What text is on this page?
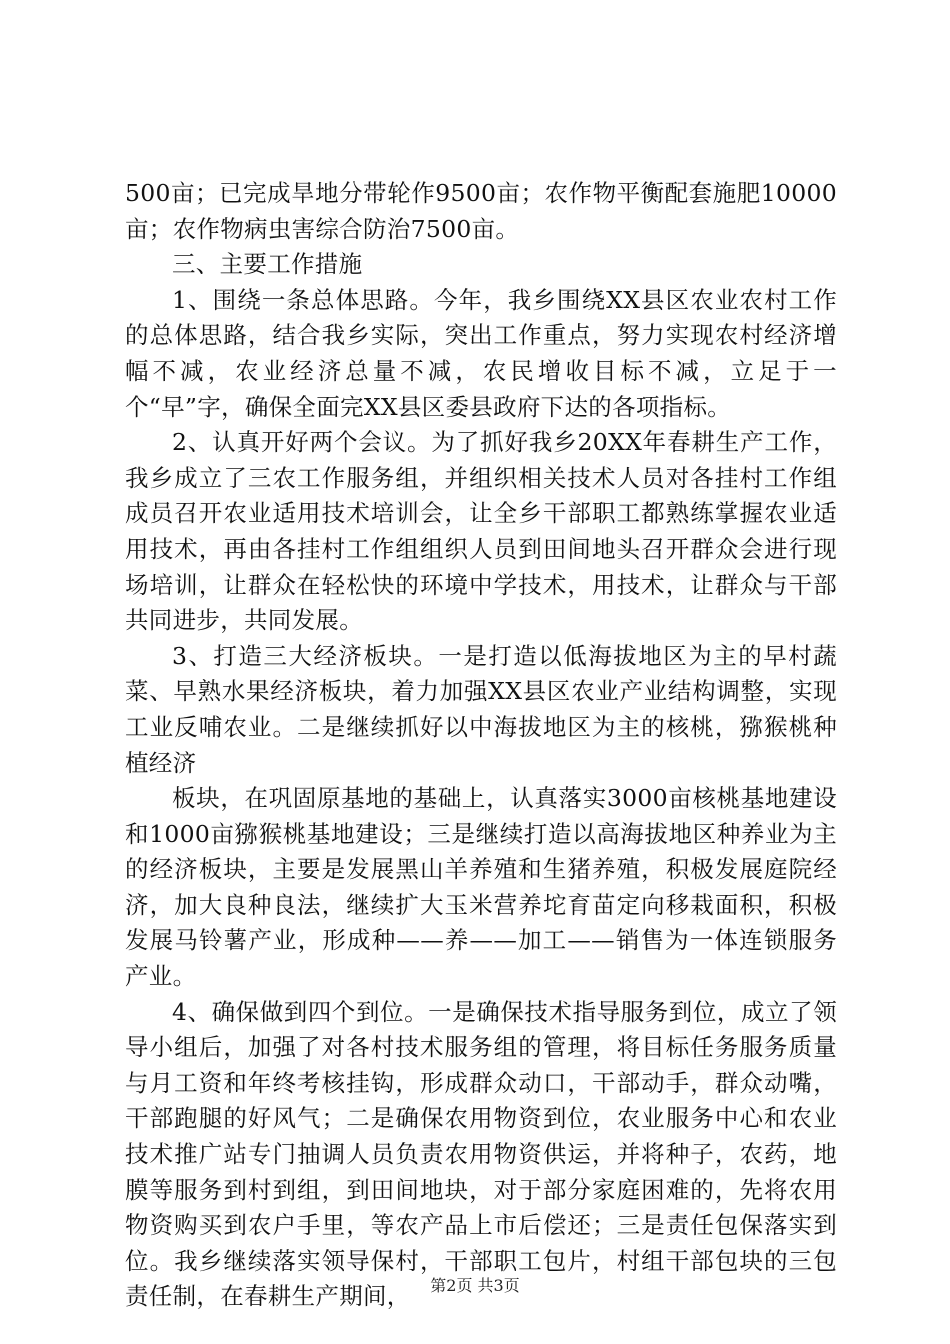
500亩；已完成旱地分带轮作9500亩；农作物平衡配套施肥10000亩；农作物病虫害综合防治7500亩。

三、主要工作措施

1、围绕一条总体思路。今年，我乡围绕XX县区农业农村工作的总体思路，结合我乡实际，突出工作重点，努力实现农村经济增幅不减，农业经济总量不减，农民增收目标不减，立足于一个“早”字，确保全面完XX县区委县政府下达的各项指标。

2、认真开好两个会议。为了抓好我乡20XX年春耕生产工作，我乡成立了三农工作服务组，并组织相关技术人员对各挂村工作组成员召开农业适用技术培训会，让全乡干部职工都熟练掌握农业适用技术，再由各挂村工作组组织人员到田间地头召开群众会进行现场培训，让群众在轻松快的环境中学技术，用技术，让群众与干部共同进步，共同发展。

3、打造三大经济板块。一是打造以低海拔地区为主的早村蔬菜、早熟水果经济板块，着力加强XX县区农业产业结构调整，实现工业反哺农业。二是继续抓好以中海拔地区为主的核桃，猕猴桃种植经济

板块，在巩固原基地的基础上，认真落实3000亩核桃基地建设和1000亩猕猴桃基地建设；三是继续打造以高海拔地区种养业为主的经济板块，主要是发展黑山羊养殖和生猪养殖，积极发展庭院经济，加大良种良法，继续扩大玉米营养坨育苗定向移栽面积，积极发展马铃薯产业，形成种——养——加工——销售为一体连锁服务产业。

4、确保做到四个到位。一是确保技术指导服务到位，成立了领导小组后，加强了对各村技术服务组的管理，将目标任务服务质量与月工资和年终考核挂钩，形成群众动口，干部动手，群众动嘴，干部跑腿的好风气；二是确保农用物资到位，农业服务中心和农业技术推广站专门抽调人员负责农用物资供运，并将种子，农药，地膜等服务到村到组，到田间地块，对于部分家庭困难的，先将农用物资购买到农户手里，等农产品上市后偿还；三是责任包保落实到位。我乡继续落实领导保村，干部职工包片，村组干部包块的三包责任制，在春耕生产期间，	第2页 共3页
